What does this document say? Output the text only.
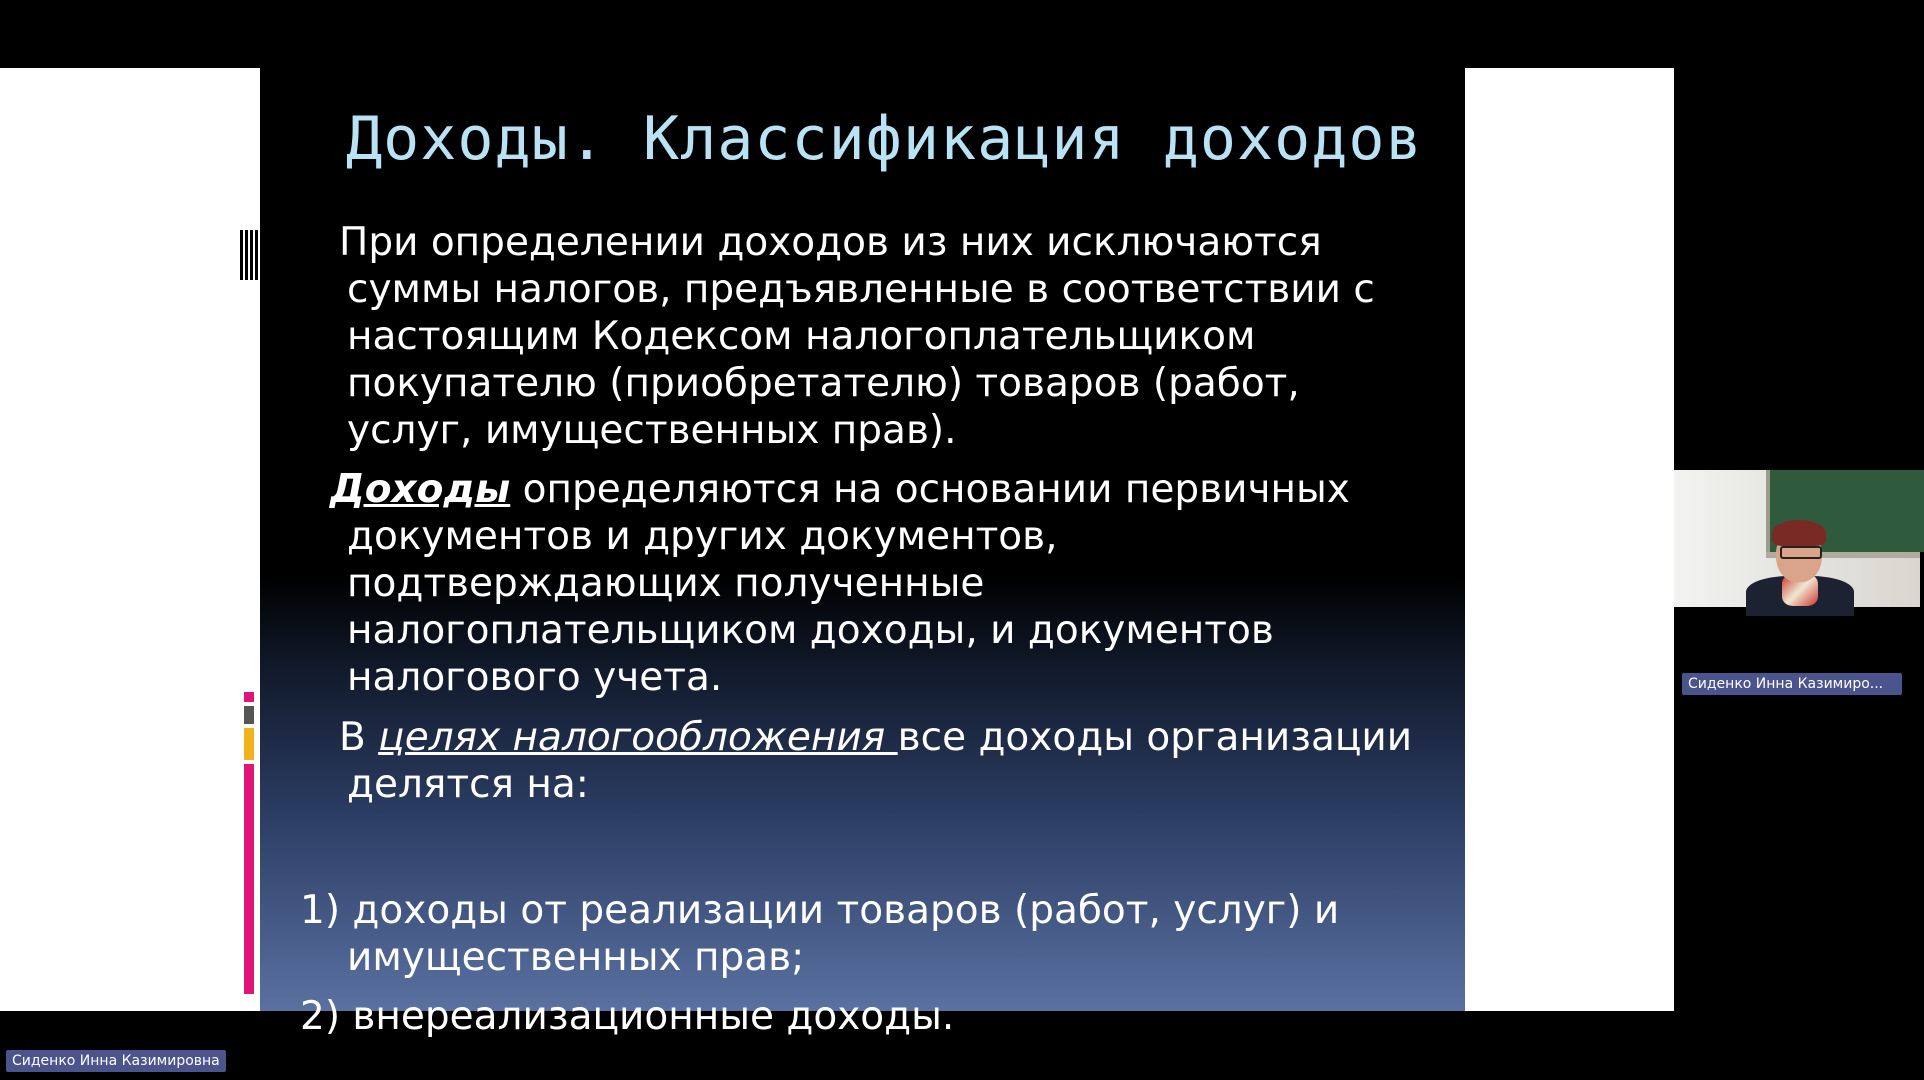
Доходы. Классификация доходов

При определении доходов из них исключаются
суммы налогов, предъявленные в соответствии с
настоящим Кодексом налогоплательщиком
покупателю (приобретателю) товаров (работ,
услуг, имущественных прав).

Доходы определяются на основании первичных
документов и других документов,
подтверждающих полученные
налогоплательщиком доходы, и документов
налогового учета.

В целях налогообложения все доходы организации
делятся на:

1) доходы от реализации товаров (работ, услуг) и
имущественных прав;

2) внереализационные доходы.

Сиденко Инна Казимиро...
Сиденко Инна Казимировна
